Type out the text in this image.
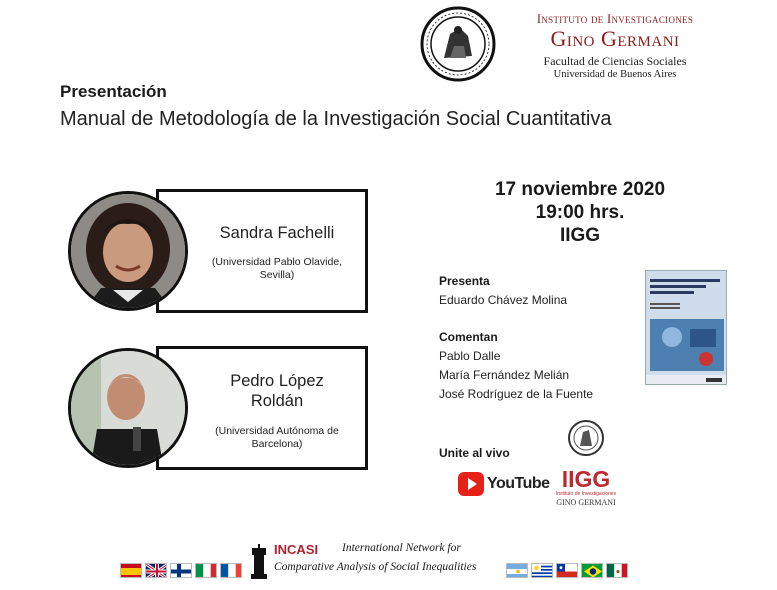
Instituto de Investigaciones
Gino Germani
Facultad de Ciencias Sociales
Universidad de Buenos Aires
Presentación
Manual de Metodología de la Investigación Social Cuantitativa
Sandra Fachelli
(Universidad Pablo Olavide,
Sevilla)
Pedro López
Roldán
(Universidad Autónoma de
Barcelona)
17 noviembre 2020
19:00 hrs.
IIGG
Presenta
Eduardo Chávez Molina
Comentan
Pablo Dalle
María Fernández Melián
José Rodríguez de la Fuente
Unite al vivo
YouTube IIGG
Instituto de Investigaciones
GINO GERMANI
INCASI International Network for
Comparative Analysis of Social Inequalities
